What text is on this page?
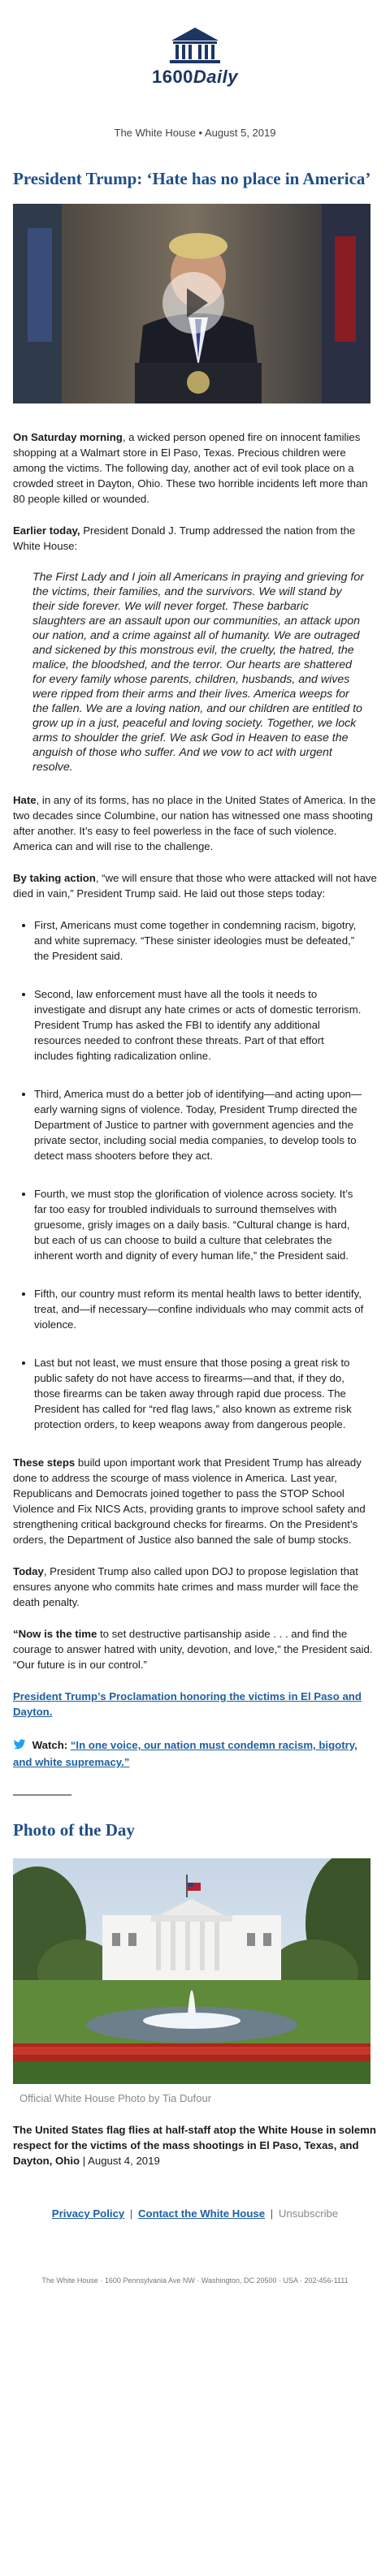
1600Daily
The White House • August 5, 2019
President Trump: ‘Hate has no place in America’

On Saturday morning, a wicked person opened fire on innocent families shopping at a Walmart store in El Paso, Texas. Precious children were among the victims. The following day, another act of evil took place on a crowded street in Dayton, Ohio. These two horrible incidents left more than 80 people killed or wounded.

Earlier today, President Donald J. Trump addressed the nation from the White House:

The First Lady and I join all Americans in praying and grieving for the victims, their families, and the survivors. We will stand by their side forever. We will never forget. These barbaric slaughters are an assault upon our communities, an attack upon our nation, and a crime against all of humanity. We are outraged and sickened by this monstrous evil, the cruelty, the hatred, the malice, the bloodshed, and the terror. Our hearts are shattered for every family whose parents, children, husbands, and wives were ripped from their arms and their lives. America weeps for the fallen. We are a loving nation, and our children are entitled to grow up in a just, peaceful and loving society. Together, we lock arms to shoulder the grief. We ask God in Heaven to ease the anguish of those who suffer. And we vow to act with urgent resolve.

Hate, in any of its forms, has no place in the United States of America. In the two decades since Columbine, our nation has witnessed one mass shooting after another. It’s easy to feel powerless in the face of such violence. America can and will rise to the challenge.

By taking action, “we will ensure that those who were attacked will not have died in vain,” President Trump said. He laid out those steps today:

• First, Americans must come together in condemning racism, bigotry, and white supremacy. “These sinister ideologies must be defeated,” the President said.
• Second, law enforcement must have all the tools it needs to investigate and disrupt any hate crimes or acts of domestic terrorism. President Trump has asked the FBI to identify any additional resources needed to confront these threats. Part of that effort includes fighting radicalization online.
• Third, America must do a better job of identifying—and acting upon—early warning signs of violence. Today, President Trump directed the Department of Justice to partner with government agencies and the private sector, including social media companies, to develop tools to detect mass shooters before they act.
• Fourth, we must stop the glorification of violence across society. It’s far too easy for troubled individuals to surround themselves with gruesome, grisly images on a daily basis. “Cultural change is hard, but each of us can choose to build a culture that celebrates the inherent worth and dignity of every human life,” the President said.
• Fifth, our country must reform its mental health laws to better identify, treat, and—if necessary—confine individuals who may commit acts of violence.
• Last but not least, we must ensure that those posing a great risk to public safety do not have access to firearms—and that, if they do, those firearms can be taken away through rapid due process. The President has called for “red flag laws,” also known as extreme risk protection orders, to keep weapons away from dangerous people.

These steps build upon important work that President Trump has already done to address the scourge of mass violence in America. Last year, Republicans and Democrats joined together to pass the STOP School Violence and Fix NICS Acts, providing grants to improve school safety and strengthening critical background checks for firearms. On the President’s orders, the Department of Justice also banned the sale of bump stocks.

Today, President Trump also called upon DOJ to propose legislation that ensures anyone who commits hate crimes and mass murder will face the death penalty.

“Now is the time to set destructive partisanship aside . . . and find the courage to answer hatred with unity, devotion, and love,” the President said. “Our future is in our control.”

President Trump’s Proclamation honoring the victims in El Paso and Dayton.

Watch: “In one voice, our nation must condemn racism, bigotry, and white supremacy.”
Photo of the Day
Official White House Photo by Tia Dufour
The United States flag flies at half-staff atop the White House in solemn respect for the victims of the mass shootings in El Paso, Texas, and Dayton, Ohio | August 4, 2019
Privacy Policy | Contact the White House | Unsubscribe
The White House · 1600 Pennsylvania Ave NW · Washington, DC 20500 · USA · 202-456-1111
